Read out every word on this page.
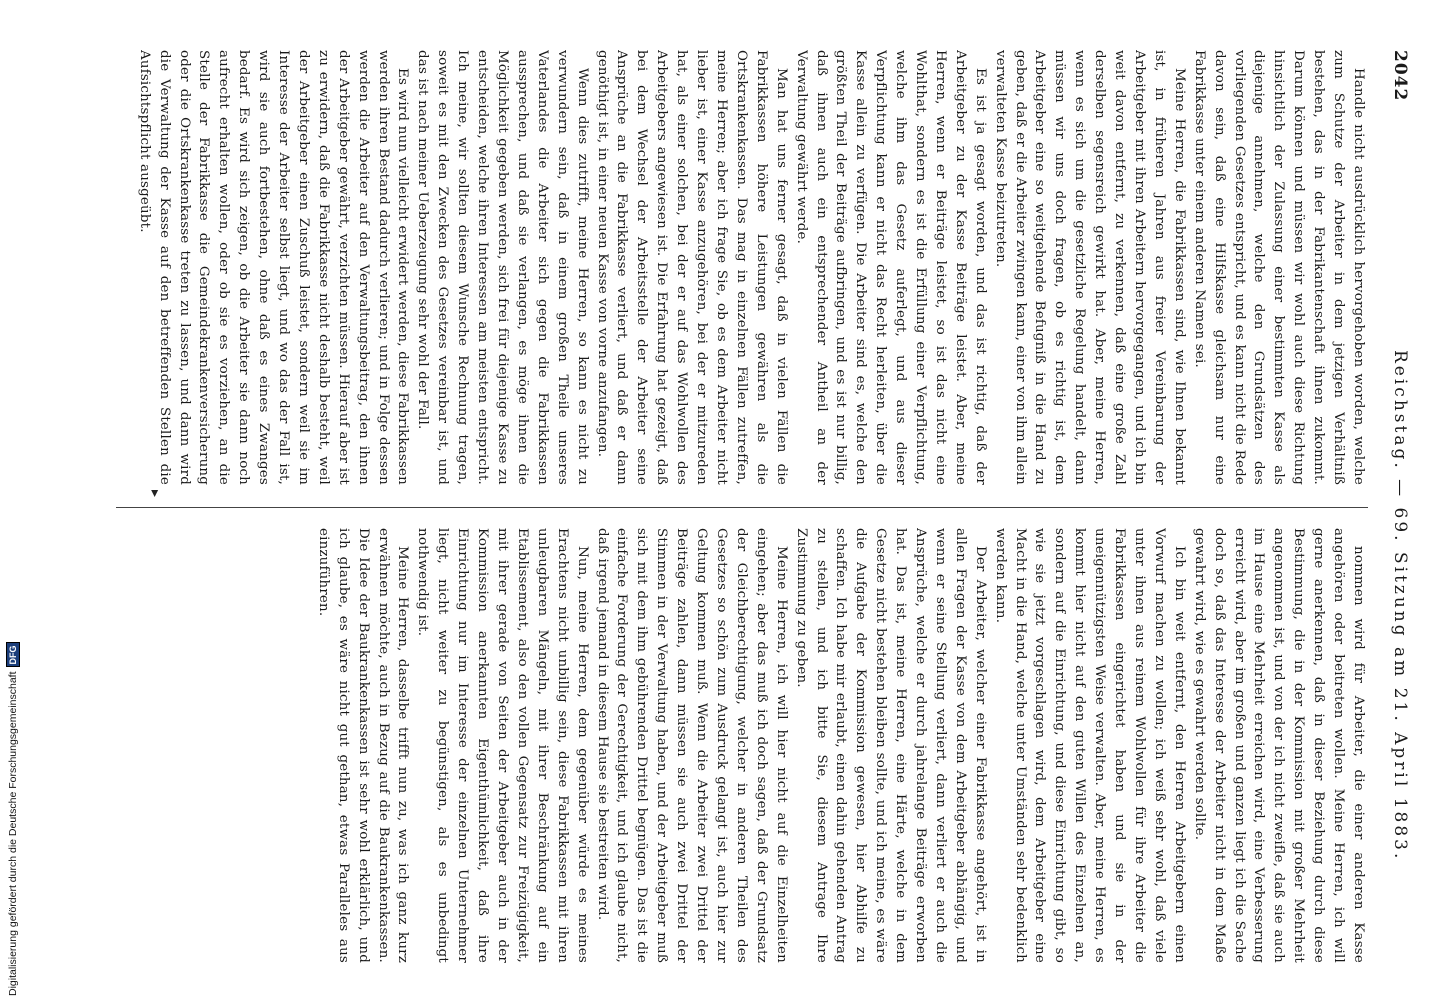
2042
Reichstag. — 69. Sitzung am 21. April 1883.

Handle nicht ausdrücklich hervorgehoben worden, welche zum Schutze der Arbeiter in dem jetzigen Verhältniß bestehen, das in der Fabrikantenschaft ihnen zukommt. Darum können und müssen wir wohl auch diese Richtung hinsichtlich der Zulassung einer bestimmten Kasse als diejenige annehmen, welche den Grundsätzen des vorliegenden Gesetzes entspricht, und es kann nicht die Rede davon sein, daß eine Hilfskasse gleichsam nur eine Fabrikkasse unter einem anderen Namen sei.

Meine Herren, die Fabrikkassen sind, wie Ihnen bekannt ist, in früheren Jahren aus freier Vereinbarung der Arbeitgeber mit ihren Arbeitern hervorgegangen, und ich bin weit davon entfernt, zu verkennen, daß eine große Zahl derselben segensreich gewirkt hat. Aber, meine Herren, wenn es sich um die gesetzliche Regelung handelt, dann müssen wir uns doch fragen, ob es richtig ist, dem Arbeitgeber eine so weitgehende Befugniß in die Hand zu geben, daß er die Arbeiter zwingen kann, einer von ihm allein verwalteten Kasse beizutreten.

Es ist ja gesagt worden, und das ist richtig, daß der Arbeitgeber zu der Kasse Beiträge leistet. Aber, meine Herren, wenn er Beiträge leistet, so ist das nicht eine Wohlthat, sondern es ist die Erfüllung einer Verpflichtung, welche ihm das Gesetz auferlegt, und aus dieser Verpflichtung kann er nicht das Recht herleiten, über die Kasse allein zu verfügen. Die Arbeiter sind es, welche den größten Theil der Beiträge aufbringen, und es ist nur billig, daß ihnen auch ein entsprechender Antheil an der Verwaltung gewährt werde.

Man hat uns ferner gesagt, daß in vielen Fällen die Fabrikkassen höhere Leistungen gewähren als die Ortskrankenkassen. Das mag in einzelnen Fällen zutreffen, meine Herren; aber ich frage Sie, ob es dem Arbeiter nicht lieber ist, einer Kasse anzugehören, bei der er mitzureden hat, als einer solchen, bei der er auf das Wohlwollen des Arbeitgebers angewiesen ist. Die Erfahrung hat gezeigt, daß bei dem Wechsel der Arbeitsstelle der Arbeiter seine Ansprüche an die Fabrikkasse verliert, und daß er dann genöthigt ist, in einer neuen Kasse von vorne anzufangen.

Wenn dies zutrifft, meine Herren, so kann es nicht zu verwundern sein, daß in einem großen Theile unseres Vaterlandes die Arbeiter sich gegen die Fabrikkassen aussprechen, und daß sie verlangen, es möge ihnen die Möglichkeit gegeben werden, sich frei für diejenige Kasse zu entscheiden, welche ihren Interessen am meisten entspricht. Ich meine, wir sollten diesem Wunsche Rechnung tragen, soweit es mit den Zwecken des Gesetzes vereinbar ist, und das ist nach meiner Ueberzeugung sehr wohl der Fall.

Es wird nun vielleicht erwidert werden, diese Fabrikkassen werden ihren Bestand dadurch verlieren; und in Folge dessen werden die Arbeiter auf den Verwaltungsbeitrag, den ihnen der Arbeitgeber gewährt, verzichten müssen. Hierauf aber ist zu erwidern, daß die Fabrikkasse nicht deshalb besteht, weil der Arbeitgeber einen Zuschuß leistet, sondern weil sie im Interesse der Arbeiter selbst liegt, und wo das der Fall ist, wird sie auch fortbestehen, ohne daß es eines Zwanges bedarf. Es wird sich zeigen, ob die Arbeiter sie dann noch aufrecht erhalten wollen, oder ob sie es vorziehen, an die Stelle der Fabrikkasse die Gemeindekrankenversicherung oder die Ortskrankenkasse treten zu lassen, und dann wird die Verwaltung der Kasse auf den betreffenden Stellen die Aufsichtspflicht ausgeübt.

▸

nommen wird für Arbeiter, die einer anderen Kasse angehören oder beitreten wollen. Meine Herren, ich will gerne anerkennen, daß in dieser Beziehung durch diese Bestimmung, die in der Kommission mit großer Mehrheit angenommen ist, und von der ich nicht zweifle, daß sie auch im Hause eine Mehrheit erreichen wird, eine Verbesserung erreicht wird, aber im großen und ganzen liegt ich die Sache doch so, daß das Interesse der Arbeiter nicht in dem Maße gewahrt wird, wie es gewahrt werden sollte.

Ich bin weit entfernt, den Herren Arbeitgebern einen Vorwurf machen zu wollen; ich weiß sehr wohl, daß viele unter ihnen aus reinem Wohlwollen für ihre Arbeiter die Fabrikkassen eingerichtet haben und sie in der uneigennützigsten Weise verwalten. Aber, meine Herren, es kommt hier nicht auf den guten Willen des Einzelnen an, sondern auf die Einrichtung, und diese Einrichtung gibt, so wie sie jetzt vorgeschlagen wird, dem Arbeitgeber eine Macht in die Hand, welche unter Umständen sehr bedenklich werden kann.

Der Arbeiter, welcher einer Fabrikkasse angehört, ist in allen Fragen der Kasse von dem Arbeitgeber abhängig, und wenn er seine Stellung verliert, dann verliert er auch die Ansprüche, welche er durch jahrelange Beiträge erworben hat. Das ist, meine Herren, eine Härte, welche in dem Gesetze nicht bestehen bleiben sollte, und ich meine, es wäre die Aufgabe der Kommission gewesen, hier Abhilfe zu schaffen. Ich habe mir erlaubt, einen dahin gehenden Antrag zu stellen, und ich bitte Sie, diesem Antrage Ihre Zustimmung zu geben.

Meine Herren, ich will hier nicht auf die Einzelheiten eingehen; aber das muß ich doch sagen, daß der Grundsatz der Gleichberechtigung, welcher in anderen Theilen des Gesetzes so schön zum Ausdruck gelangt ist, auch hier zur Geltung kommen muß. Wenn die Arbeiter zwei Drittel der Beiträge zahlen, dann müssen sie auch zwei Drittel der Stimmen in der Verwaltung haben, und der Arbeitgeber muß sich mit dem ihm gebührenden Drittel begnügen. Das ist die einfache Forderung der Gerechtigkeit, und ich glaube nicht, daß irgend jemand in diesem Hause sie bestreiten wird.

Nun, meine Herren, dem gegenüber würde es meines Erachtens nicht unbillig sein, diese Fabrikkassen mit ihren unleugbaren Mängeln, mit ihrer Beschränkung auf ein Etablissement, also den vollen Gegensatz zur Freizügigkeit, mit ihrer gerade von Seiten der Arbeitgeber auch in der Kommission anerkannten Eigenthümlichkeit, daß ihre Einrichtung nur im Interesse der einzelnen Unternehmer liegt, nicht weiter zu begünstigen, als es unbedingt nothwendig ist.

Meine Herren, dasselbe trifft nun zu, was ich ganz kurz erwähnen möchte, auch in Bezug auf die Baukrankenkassen. Die Idee der Baukrankenkassen ist sehr wohl erklärlich, und ich glaube, es wäre nicht gut gethan, etwas Paralleles aus einzuführen.

Digitalisierung gefördert durch die Deutsche Forschungsgemeinschaft
DFG
